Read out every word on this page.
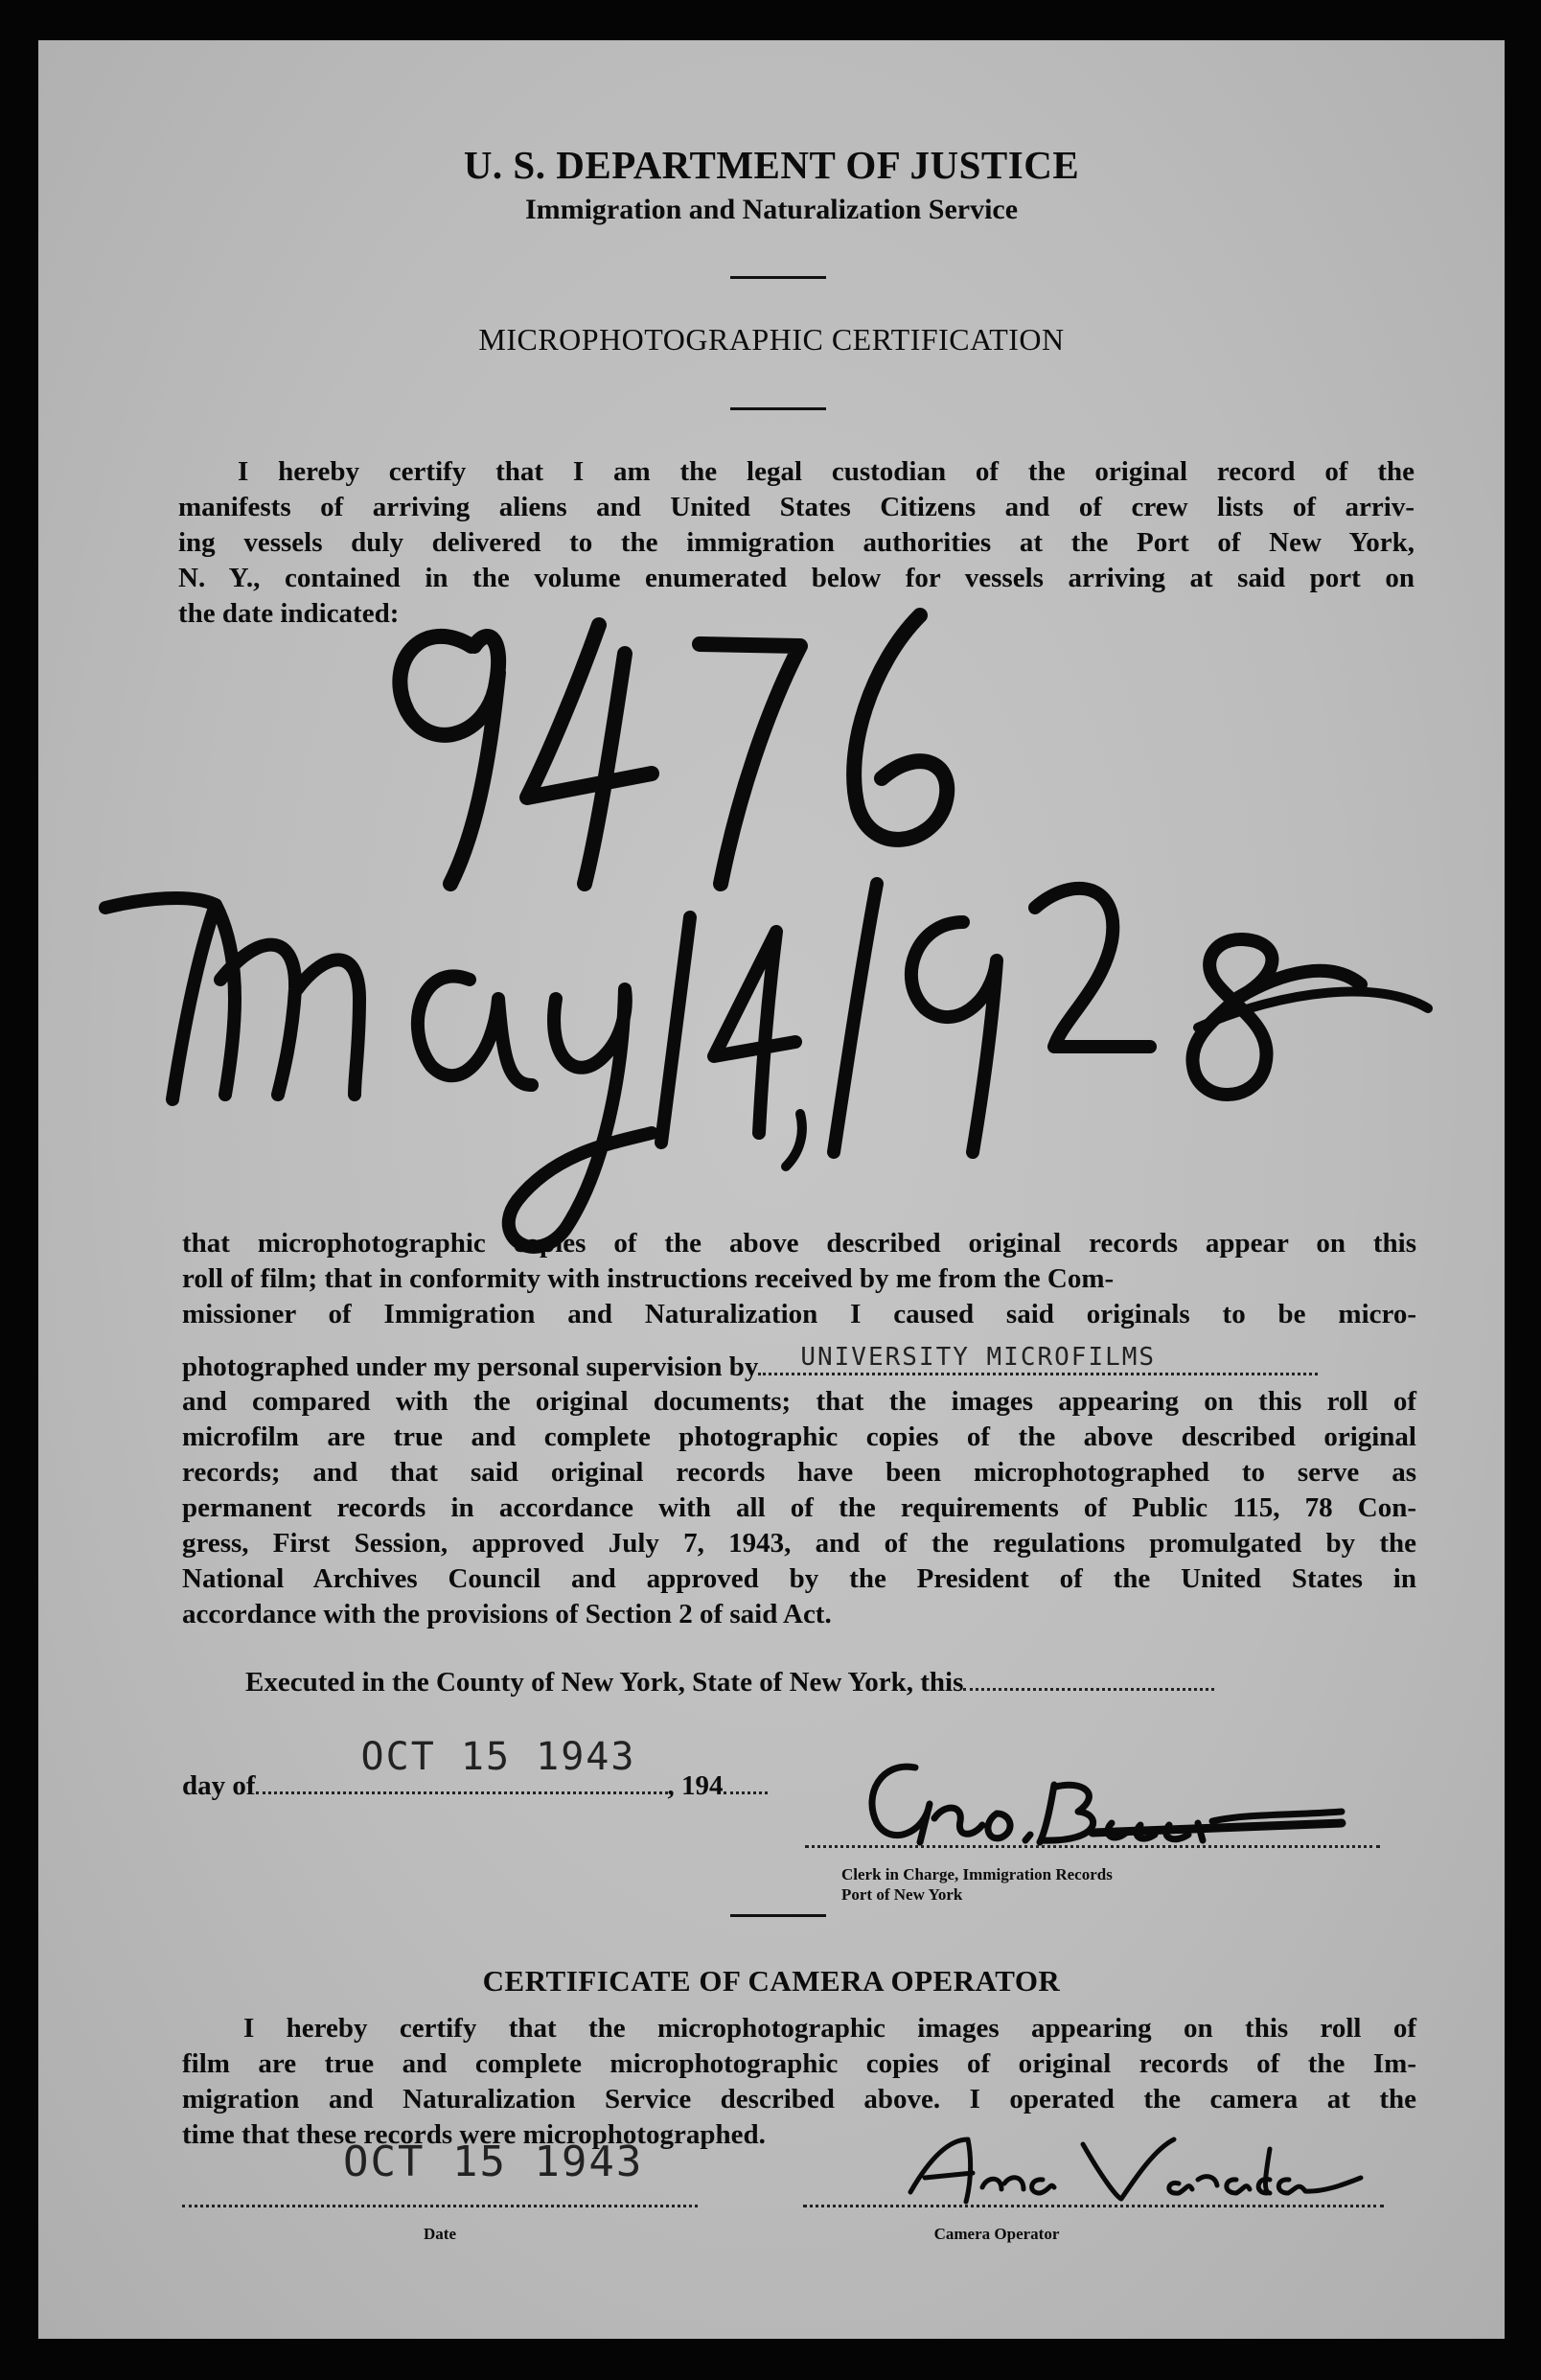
U. S. DEPARTMENT OF JUSTICE
Immigration and Naturalization Service
MICROPHOTOGRAPHIC CERTIFICATION
I hereby certify that I am the legal custodian of the original record of the
manifests of arriving aliens and United States Citizens and of crew lists of arriv-
ing vessels duly delivered to the immigration authorities at the Port of New York,
N. Y., contained in the volume enumerated below for vessels arriving at said port on
the date indicated:
that microphotographic copies of the above described original records appear on this
roll of film; that in conformity with instructions received by me from the Com-
missioner of Immigration and Naturalization I caused said originals to be micro-
photographed under my personal supervision by UNIVERSITY MICROFILMS
and compared with the original documents; that the images appearing on this roll of
microfilm are true and complete photographic copies of the above described original
records; and that said original records have been microphotographed to serve as
permanent records in accordance with all of the requirements of Public 115, 78 Con-
gress, First Session, approved July 7, 1943, and of the regulations promulgated by the
National Archives Council and approved by the President of the United States in
accordance with the provisions of Section 2 of said Act.
Executed in the County of New York, State of New York, this
day of
OCT 15 1943
, 194
Clerk in Charge, Immigration Records
Port of New York
CERTIFICATE OF CAMERA OPERATOR
I hereby certify that the microphotographic images appearing on this roll of
film are true and complete microphotographic copies of original records of the Im-
migration and Naturalization Service described above. I operated the camera at the
time that these records were microphotographed.
OCT 15 1943
Date	Camera Operator
